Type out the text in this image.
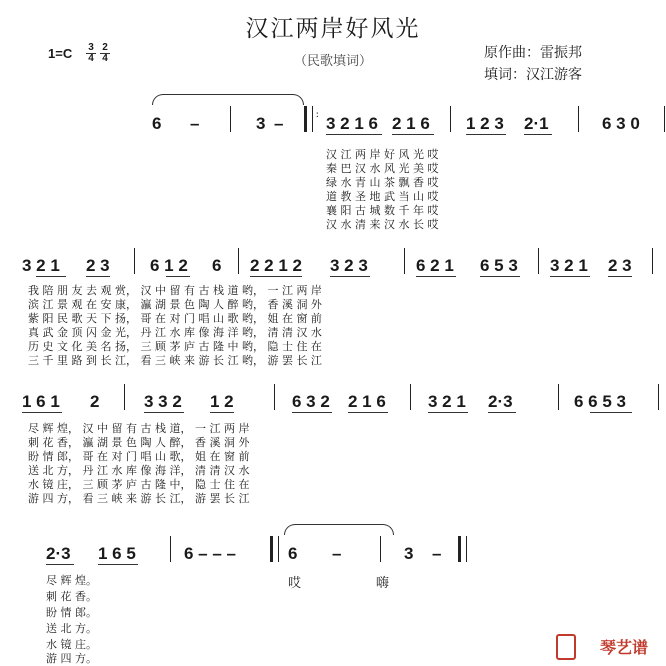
汉江两岸好风光
1=C 3
4
2
4	（民歌填词）
原作曲：雷振邦
填词：汉江游客
6 –	3 –	: 3 2 1 6 2 1 6 1 2 3 2·1	6 3 0
汉 江 两 岸 好 风 光 哎
秦 巴 汉 水 风 光 美 哎
绿 水 青 山 茶 飘 香 哎
道 教 圣 地 武 当 山 哎
襄 阳 古 城 数 千 年 哎
汉 水 清 来 汉 水 长 哎
3 2 1 2 3 6 1 2 6 2 2 1 2 3 2 3	6 2 1 6 5 3 3 2 1 2 3
我 陪 朋 友 去 观 赏， 汉 中 留 有 古 栈 道 哟， 一 江 两 岸
滨 江 景 观 在 安 康， 瀛 湖 景 色 陶 人 醉 哟， 香 溪 洞 外
紫 阳 民 歌 天 下 扬， 哥 在 对 门 唱 山 歌 哟， 姐 在 窗 前
真 武 金 顶 闪 金 光， 丹 江 水 库 像 海 洋 哟， 清 清 汉 水
历 史 文 化 美 名 扬， 三 顾 茅 庐 古 隆 中 哟， 隐 士 住 在
三 千 里 路 到 长 江， 看 三 峡 来 游 长 江 哟， 游 罢 长 江
1 6 1 2	3 3 2 1 2	6 3 2 2 1 6 3 2 1 2·3	6 6 5 3
尽 辉 煌， 汉 中 留 有 古 栈 道， 一 江 两 岸
刺 花 香， 瀛 湖 景 色 陶 人 醉， 香 溪 洞 外
盼 情 郎， 哥 在 对 门 唱 山 歌， 姐 在 窗 前
送 北 方， 丹 江 水 库 像 海 洋， 清 清 汉 水
水 镜 庄， 三 顾 茅 庐 古 隆 中， 隐 士 住 在
游 四 方， 看 三 峡 来 游 长 江， 游 罢 长 江
2·3 1 6 5	6 – – –	6 –	3 –
尽 辉 煌。	哎	嗨
刺 花 香。
盼 情 郎。
送 北 方。
水 镜 庄。
游 四 方。
琴艺谱
